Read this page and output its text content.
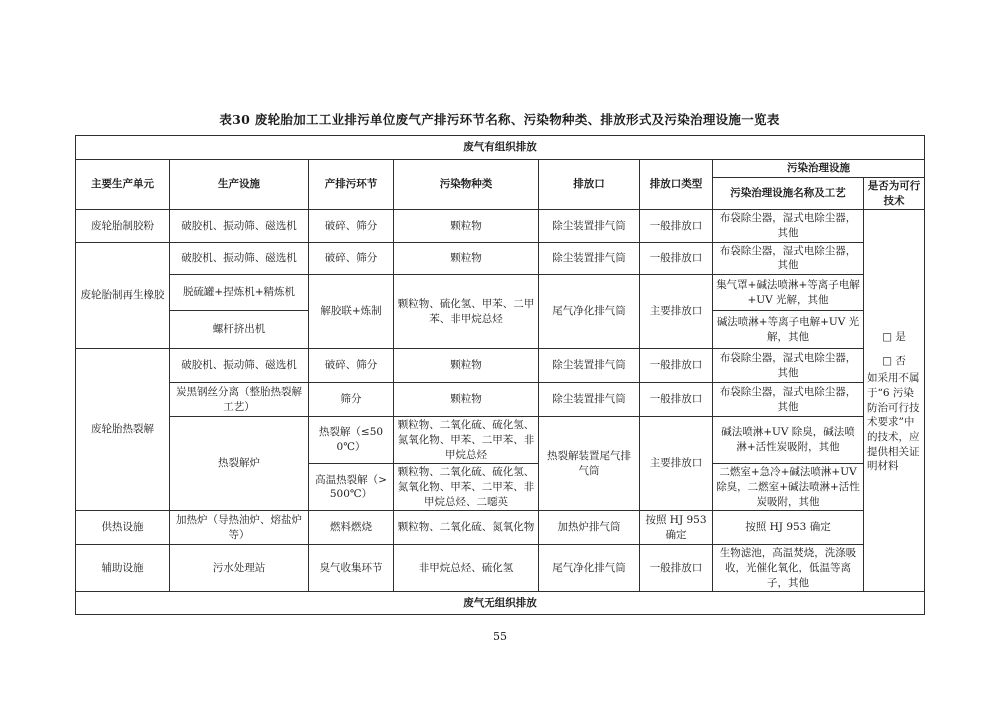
表30 废轮胎加工工业排污单位废气产排污环节名称、污染物种类、排放形式及污染治理设施一览表
废气有组织排放							
主要生产单元	生产设施	产排污环节	污染物种类	排放口	排放口类型	污染治理设施	
						污染治理设施名称及工艺	是否为可行技术
废轮胎制胶粉	破胶机、振动筛、磁选机	破碎、筛分	颗粒物	除尘装置排气筒	一般排放口	布袋除尘器，湿式电除尘器，其他	□ 是
□ 否
如采用不属于“6 污染防治可行技术要求”中的技术，应提供相关证明材料

废轮胎制再生橡胶	破胶机、振动筛、磁选机	破碎、筛分	颗粒物	除尘装置排气筒	一般排放口	布袋除尘器，湿式电除尘器，其他	
	脱硫罐+捏炼机+精炼机	解胶联+炼制	颗粒物、硫化氢、甲苯、二甲苯、非甲烷总烃	尾气净化排气筒	主要排放口	集气罩+碱法喷淋+等离子电解+UV 光解，其他	
	螺杆挤出机					碱法喷淋+等离子电解+UV 光解，其他	
废轮胎热裂解	破胶机、振动筛、磁选机	破碎、筛分	颗粒物	除尘装置排气筒	一般排放口	布袋除尘器，湿式电除尘器，其他	
	炭黑钢丝分离（整胎热裂解工艺）	筛分	颗粒物	除尘装置排气筒	一般排放口	布袋除尘器，湿式电除尘器，其他	
	热裂解炉	热裂解（≤500℃）	颗粒物、二氧化硫、硫化氢、氮氧化物、甲苯、二甲苯、非甲烷总烃	热裂解装置尾气排气筒	主要排放口	碱法喷淋+UV 除臭，碱法喷淋+活性炭吸附，其他	
		高温热裂解（>500℃）	颗粒物、二氧化硫、硫化氢、氮氧化物、甲苯、二甲苯、非甲烷总烃、二噁英			二燃室+急冷+碱法喷淋+UV 除臭，二燃室+碱法喷淋+活性炭吸附，其他	
供热设施	加热炉（导热油炉、熔盐炉等）	燃料燃烧	颗粒物、二氧化硫、氮氧化物	加热炉排气筒	按照 HJ 953 确定	按照 HJ 953 确定	
辅助设施	污水处理站	臭气收集环节	非甲烷总烃、硫化氢	尾气净化排气筒	一般排放口	生物滤池，高温焚烧，洗涤吸收，光催化氧化，低温等离子，其他	
废气无组织排放							
55
